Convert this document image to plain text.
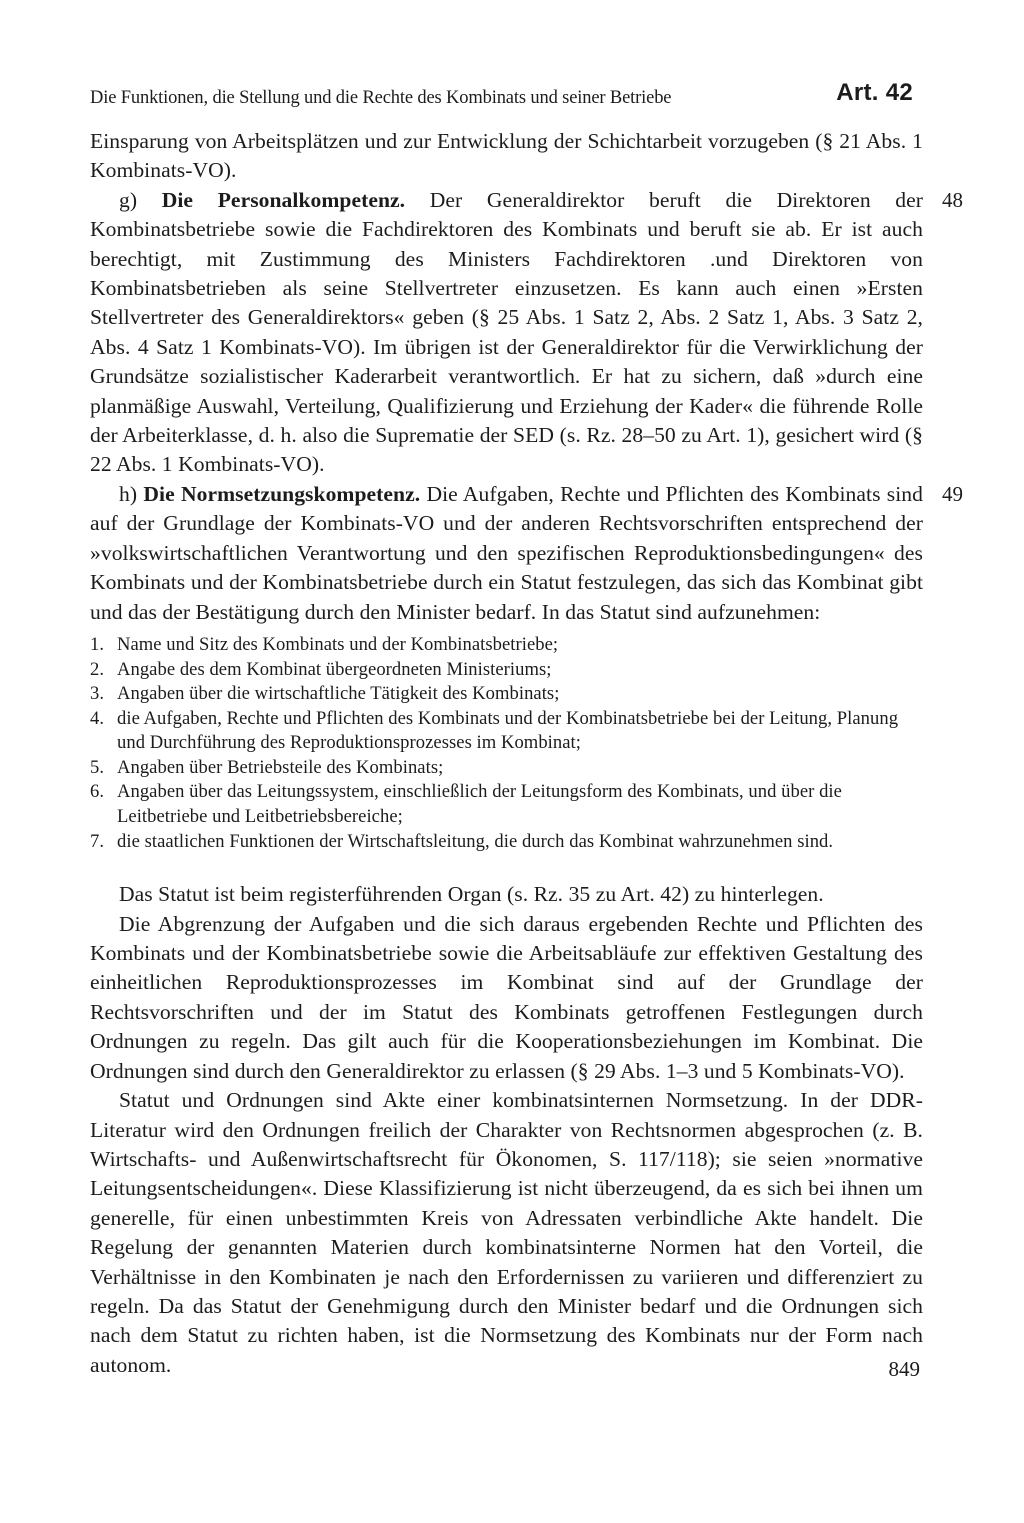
Die Funktionen, die Stellung und die Rechte des Kombinats und seiner Betriebe	Art. 42

Einsparung von Arbeitsplätzen und zur Entwicklung der Schichtarbeit vorzugeben (§ 21 Abs. 1 Kombinats-VO).

48
g) Die Personalkompetenz. Der Generaldirektor beruft die Direktoren der Kombinatsbetriebe sowie die Fachdirektoren des Kombinats und beruft sie ab. Er ist auch berechtigt, mit Zustimmung des Ministers Fachdirektoren .und Direktoren von Kombinatsbetrieben als seine Stellvertreter einzusetzen. Es kann auch einen »Ersten Stellvertreter des Generaldirektors« geben (§ 25 Abs. 1 Satz 2, Abs. 2 Satz 1, Abs. 3 Satz 2, Abs. 4 Satz 1 Kombinats-VO). Im übrigen ist der Generaldirektor für die Verwirklichung der Grundsätze sozialistischer Kaderarbeit verantwortlich. Er hat zu sichern, daß »durch eine planmäßige Auswahl, Verteilung, Qualifizierung und Erziehung der Kader« die führende Rolle der Arbeiterklasse, d. h. also die Suprematie der SED (s. Rz. 28–50 zu Art. 1), gesichert wird (§ 22 Abs. 1 Kombinats-VO).

49
h) Die Normsetzungskompetenz. Die Aufgaben, Rechte und Pflichten des Kombinats sind auf der Grundlage der Kombinats-VO und der anderen Rechtsvorschriften entsprechend der »volkswirtschaftlichen Verantwortung und den spezifischen Reproduktionsbedingungen« des Kombinats und der Kombinatsbetriebe durch ein Statut festzulegen, das sich das Kombinat gibt und das der Bestätigung durch den Minister bedarf. In das Statut sind aufzunehmen:

1. Name und Sitz des Kombinats und der Kombinatsbetriebe;
2. Angabe des dem Kombinat übergeordneten Ministeriums;
3. Angaben über die wirtschaftliche Tätigkeit des Kombinats;
4. die Aufgaben, Rechte und Pflichten des Kombinats und der Kombinatsbetriebe bei der Leitung, Planung und Durchführung des Reproduktionsprozesses im Kombinat;
5. Angaben über Betriebsteile des Kombinats;
6. Angaben über das Leitungssystem, einschließlich der Leitungsform des Kombinats, und über die Leitbetriebe und Leitbetriebsbereiche;
7. die staatlichen Funktionen der Wirtschaftsleitung, die durch das Kombinat wahrzunehmen sind.

Das Statut ist beim registerführenden Organ (s. Rz. 35 zu Art. 42) zu hinterlegen.

Die Abgrenzung der Aufgaben und die sich daraus ergebenden Rechte und Pflichten des Kombinats und der Kombinatsbetriebe sowie die Arbeitsabläufe zur effektiven Gestaltung des einheitlichen Reproduktionsprozesses im Kombinat sind auf der Grundlage der Rechtsvorschriften und der im Statut des Kombinats getroffenen Festlegungen durch Ordnungen zu regeln. Das gilt auch für die Kooperationsbeziehungen im Kombinat. Die Ordnungen sind durch den Generaldirektor zu erlassen (§ 29 Abs. 1–3 und 5 Kombinats-VO).

Statut und Ordnungen sind Akte einer kombinatsinternen Normsetzung. In der DDR-Literatur wird den Ordnungen freilich der Charakter von Rechtsnormen abgesprochen (z. B. Wirtschafts- und Außenwirtschaftsrecht für Ökonomen, S. 117/118); sie seien »normative Leitungsentscheidungen«. Diese Klassifizierung ist nicht überzeugend, da es sich bei ihnen um generelle, für einen unbestimmten Kreis von Adressaten verbindliche Akte handelt. Die Regelung der genannten Materien durch kombinatsinterne Normen hat den Vorteil, die Verhältnisse in den Kombinaten je nach den Erfordernissen zu variieren und differenziert zu regeln. Da das Statut der Genehmigung durch den Minister bedarf und die Ordnungen sich nach dem Statut zu richten haben, ist die Normsetzung des Kombinats nur der Form nach autonom.	849
